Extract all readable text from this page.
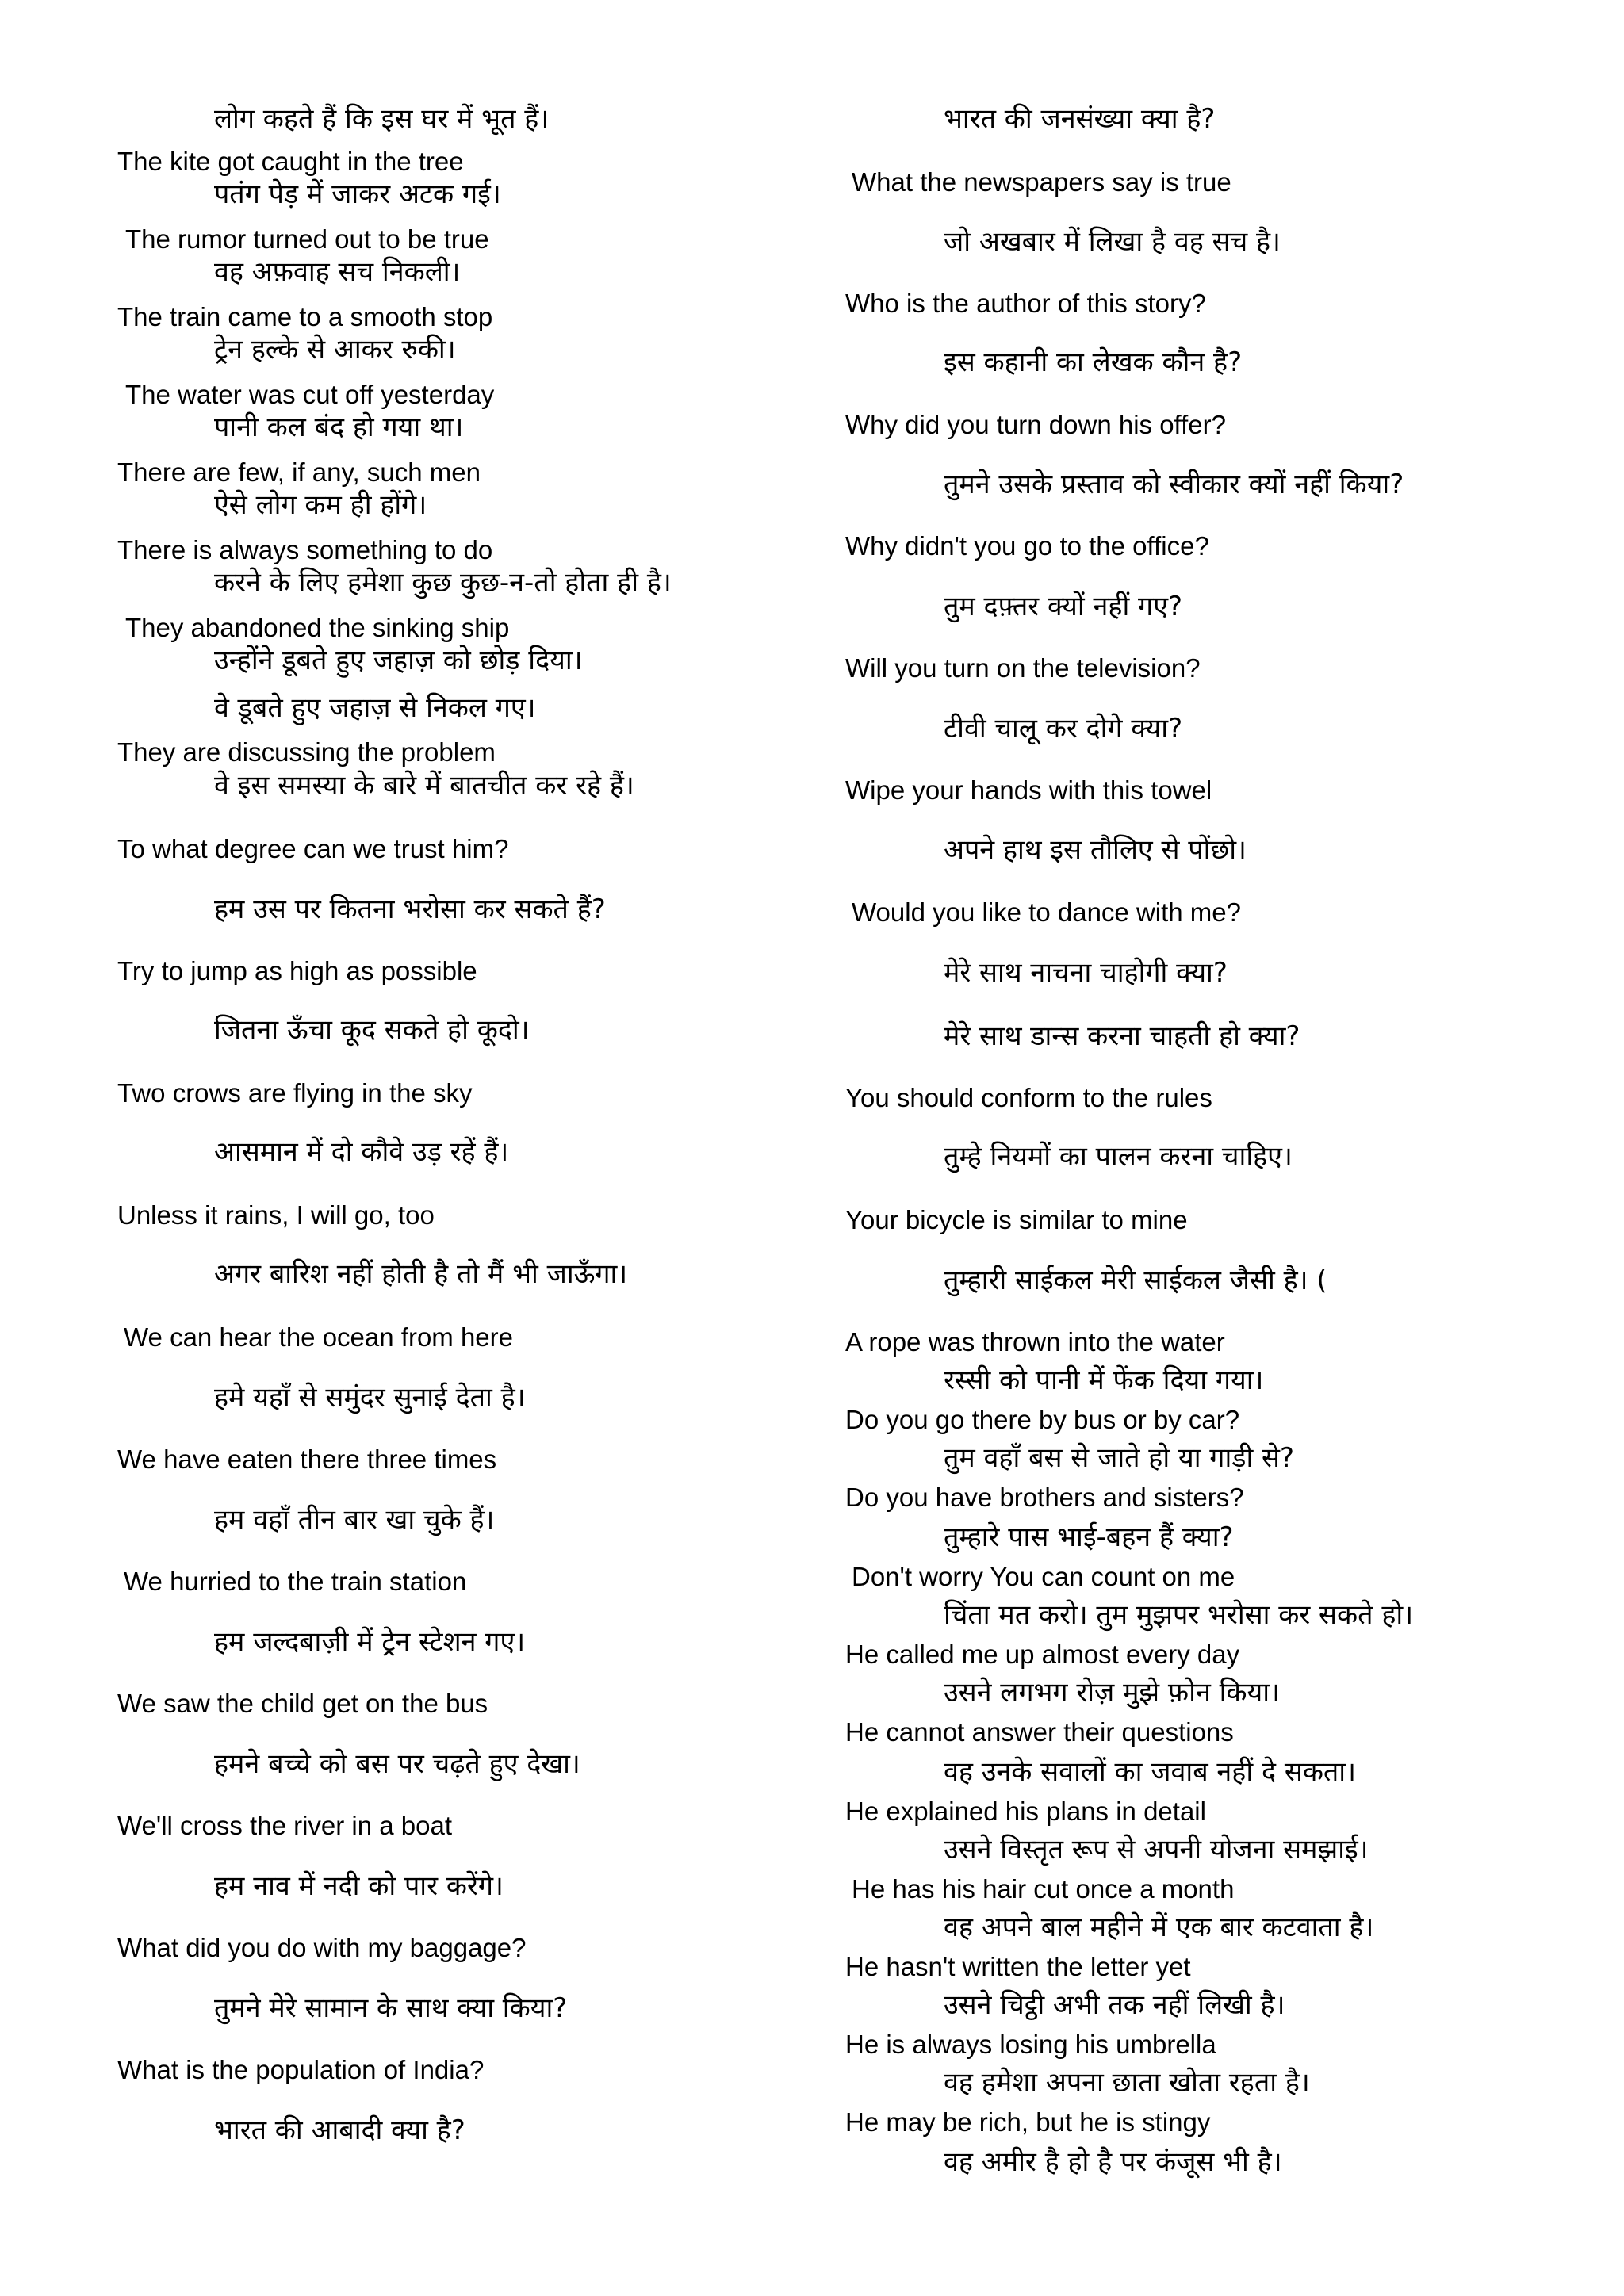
लोग कहते हैं कि इस घर में भूत हैं।
The kite got caught in the tree
पतंग पेड़ में जाकर अटक गई।
The rumor turned out to be true
वह अफ़वाह सच निकली।
The train came to a smooth stop
ट्रेन हल्के से आकर रुकी।
The water was cut off yesterday
पानी कल बंद हो गया था।
There are few, if any, such men
ऐसे लोग कम ही होंगे।
There is always something to do
करने के लिए हमेशा कुछ कुछ-न-तो होता ही है।
They abandoned the sinking ship
उन्होंने डूबते हुए जहाज़ को छोड़ दिया।
वे डूबते हुए जहाज़ से निकल गए।
They are discussing the problem
वे इस समस्या के बारे में बातचीत कर रहे हैं।
To what degree can we trust him?
हम उस पर कितना भरोसा कर सकते हैं?
Try to jump as high as possible
जितना ऊँचा कूद सकते हो कूदो।
Two crows are flying in the sky
आसमान में दो कौवे उड़ रहें हैं।
Unless it rains, I will go, too
अगर बारिश नहीं होती है तो मैं भी जाऊँगा।
We can hear the ocean from here
हमे यहाँ से समुंदर सुनाई देता है।
We have eaten there three times
हम वहाँ तीन बार खा चुके हैं।
We hurried to the train station
हम जल्दबाज़ी में ट्रेन स्टेशन गए।
We saw the child get on the bus
हमने बच्चे को बस पर चढ़ते हुए देखा।
We'll cross the river in a boat
हम नाव में नदी को पार करेंगे।
What did you do with my baggage?
तुमने मेरे सामान के साथ क्या किया?
What is the population of India?
भारत की आबादी क्या है?
भारत की जनसंख्या क्या है?
What the newspapers say is true
जो अखबार में लिखा है वह सच है।
Who is the author of this story?
इस कहानी का लेखक कौन है?
Why did you turn down his offer?
तुमने उसके प्रस्ताव को स्वीकार क्यों नहीं किया?
Why didn't you go to the office?
तुम दफ़्तर क्यों नहीं गए?
Will you turn on the television?
टीवी चालू कर दोगे क्या?
Wipe your hands with this towel
अपने हाथ इस तौलिए से पोंछो।
Would you like to dance with me?
मेरे साथ नाचना चाहोगी क्या?
मेरे साथ डान्स करना चाहती हो क्या?
You should conform to the rules
तुम्हे नियमों का पालन करना चाहिए।
Your bicycle is similar to mine
तुम्हारी साईकल मेरी साईकल जैसी है। (
A rope was thrown into the water
रस्सी को पानी में फेंक दिया गया।
Do you go there by bus or by car?
तुम वहाँ बस से जाते हो या गाड़ी से?
Do you have brothers and sisters?
तुम्हारे पास भाई-बहन हैं क्या?
Don't worry You can count on me
चिंता मत करो। तुम मुझपर भरोसा कर सकते हो।
He called me up almost every day
उसने लगभग रोज़ मुझे फ़ोन किया।
He cannot answer their questions
वह उनके सवालों का जवाब नहीं दे सकता।
He explained his plans in detail
उसने विस्तृत रूप से अपनी योजना समझाई।
He has his hair cut once a month
वह अपने बाल महीने में एक बार कटवाता है।
He hasn't written the letter yet
उसने चिट्ठी अभी तक नहीं लिखी है।
He is always losing his umbrella
वह हमेशा अपना छाता खोता रहता है।
He may be rich, but he is stingy
वह अमीर है हो है पर कंजूस भी है।
